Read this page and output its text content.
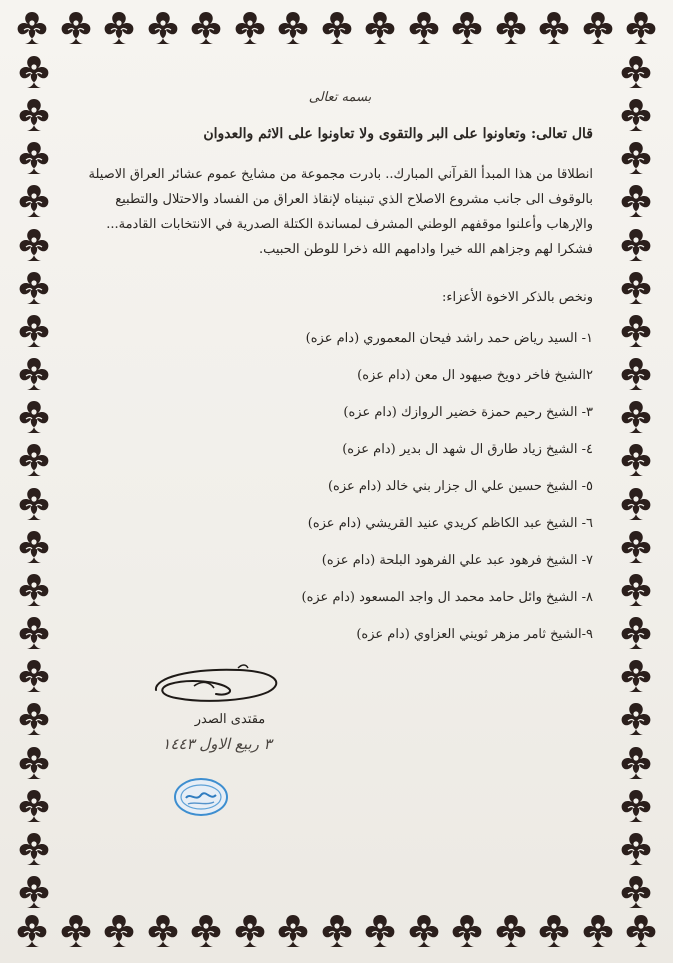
بسمه تعالى
قال تعالى: وتعاونوا على البر والتقوى ولا تعاونوا على الاثم والعدوان
انطلاقا من هذا المبدأ القرآني المبارك.. بادرت مجموعة من مشايخ عموم عشائر العراق الاصيلة بالوقوف الى جانب مشروع الاصلاح الذي تبنيناه لإنقاذ العراق من الفساد والاحتلال والتطبيع والإرهاب وأعلنوا موقفهم الوطني المشرف لمساندة الكتلة الصدرية في الانتخابات القادمة... فشكرا لهم وجزاهم الله خيرا وادامهم الله ذخرا للوطن الحبيب.
ونخص بالذكر الاخوة الأعزاء:
١- السيد رياض حمد راشد فيحان المعموري (دام عزه)
٢الشيخ فاخر دويخ صيهود ال معن (دام عزه)
٣- الشيخ رحيم حمزة خضير الروازك (دام عزه)
٤- الشيخ زياد طارق ال شهد ال بدير (دام عزه)
٥- الشيخ حسين علي ال جزار بني خالد (دام عزه)
٦- الشيخ عبد الكاظم كريدي عنيد القريشي (دام عزه)
٧- الشيخ فرهود عبد علي الفرهود البلحة (دام عزه)
٨- الشيخ وائل حامد محمد ال واجد المسعود (دام عزه)
٩-الشيخ ثامر مزهر ثويني العزاوي (دام عزه)
مقتدى الصدر
٣ ربيع الاول ١٤٤٣
